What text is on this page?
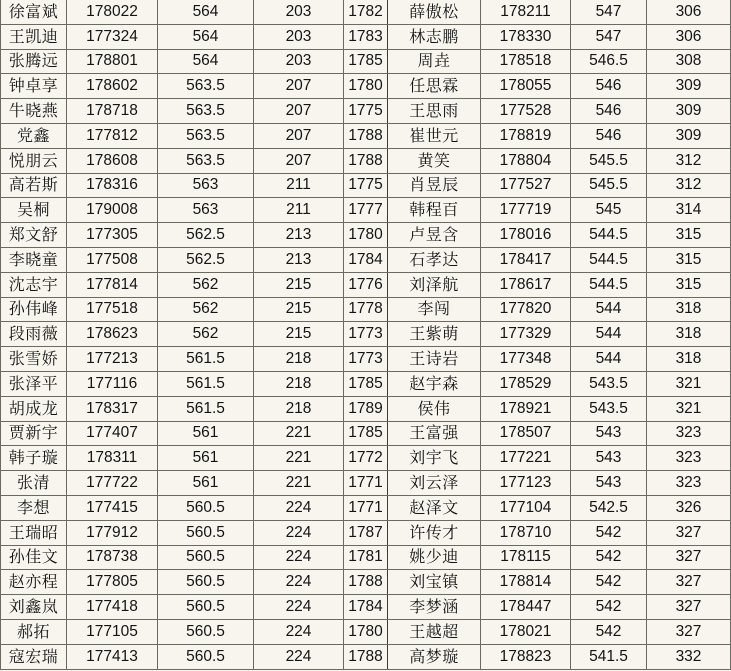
徐富斌	178022	564	203	1782	薛傲松	178211	547	306
王凯迪	177324	564	203	1783	林志鹏	178330	547	306
张腾远	178801	564	203	1785	周垚	178518	546.5	308
钟卓享	178602	563.5	207	1780	任思霖	178055	546	309
牛晓燕	178718	563.5	207	1775	王思雨	177528	546	309
党鑫	177812	563.5	207	1788	崔世元	178819	546	309
悦朋云	178608	563.5	207	1788	黄笑	178804	545.5	312
高若斯	178316	563	211	1775	肖昱辰	177527	545.5	312
吴桐	179008	563	211	1777	韩程百	177719	545	314
郑文舒	177305	562.5	213	1780	卢昱含	178016	544.5	315
李晓童	177508	562.5	213	1784	石孝达	178417	544.5	315
沈志宇	177814	562	215	1776	刘泽航	178617	544.5	315
孙伟峰	177518	562	215	1778	李闯	177820	544	318
段雨薇	178623	562	215	1773	王紫萌	177329	544	318
张雪娇	177213	561.5	218	1773	王诗岩	177348	544	318
张泽平	177116	561.5	218	1785	赵宇森	178529	543.5	321
胡成龙	178317	561.5	218	1789	侯伟	178921	543.5	321
贾新宇	177407	561	221	1785	王富强	178507	543	323
韩子璇	178311	561	221	1772	刘宇飞	177221	543	323
张清	177722	561	221	1771	刘云泽	177123	543	323
李想	177415	560.5	224	1771	赵泽文	177104	542.5	326
王瑞昭	177912	560.5	224	1787	许传才	178710	542	327
孙佳文	178738	560.5	224	1781	姚少迪	178115	542	327
赵亦程	177805	560.5	224	1788	刘宝镇	178814	542	327
刘鑫岚	177418	560.5	224	1784	李梦涵	178447	542	327
郝拓	177105	560.5	224	1780	王越超	178021	542	327
寇宏瑞	177413	560.5	224	1788	高梦璇	178823	541.5	332
